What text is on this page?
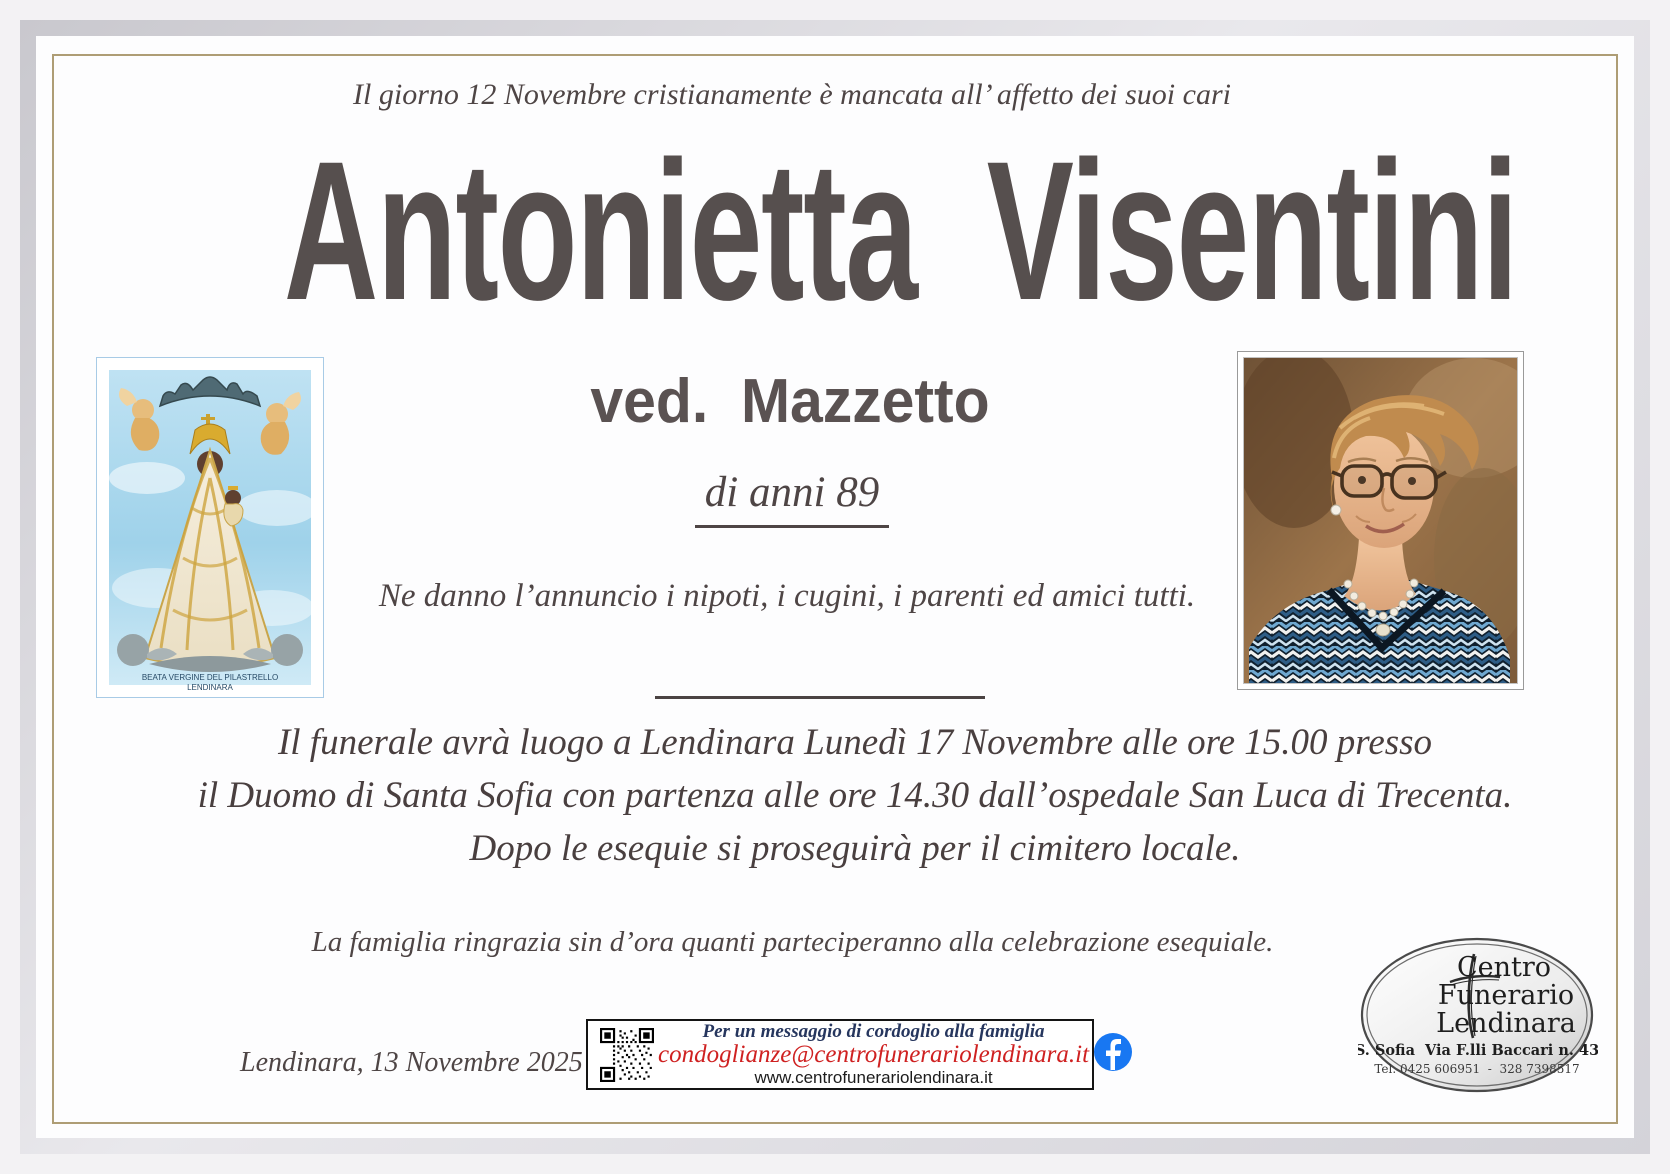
Il giorno 12 Novembre cristianamente è mancata all’ affetto dei suoi cari
Antonietta  Visentini
ved.  Mazzetto
di anni 89
Ne danno l’annuncio i nipoti, i cugini, i parenti ed amici tutti.
Il funerale avrà luogo a Lendinara Lunedì 17 Novembre alle ore 15.00 presso
il Duomo di Santa Sofia con partenza alle ore 14.30 dall’ospedale San Luca di Trecenta.
Dopo le esequie si proseguirà per il cimitero locale.
La famiglia ringrazia sin d’ora quanti parteciperanno alla celebrazione esequiale.
Lendinara, 13 Novembre 2025
BEATA VERGINE DEL PILASTRELLO
LENDINARA
Per un messaggio di cordoglio alla famiglia
condoglianze@centrofunerariolendinara.it
www.centrofunerariolendinara.it
Centro
Funerario
Lendinara
S. Sofia  Via F.lli Baccari n. 43
Tel. 0425 606951  -  328 7398517
